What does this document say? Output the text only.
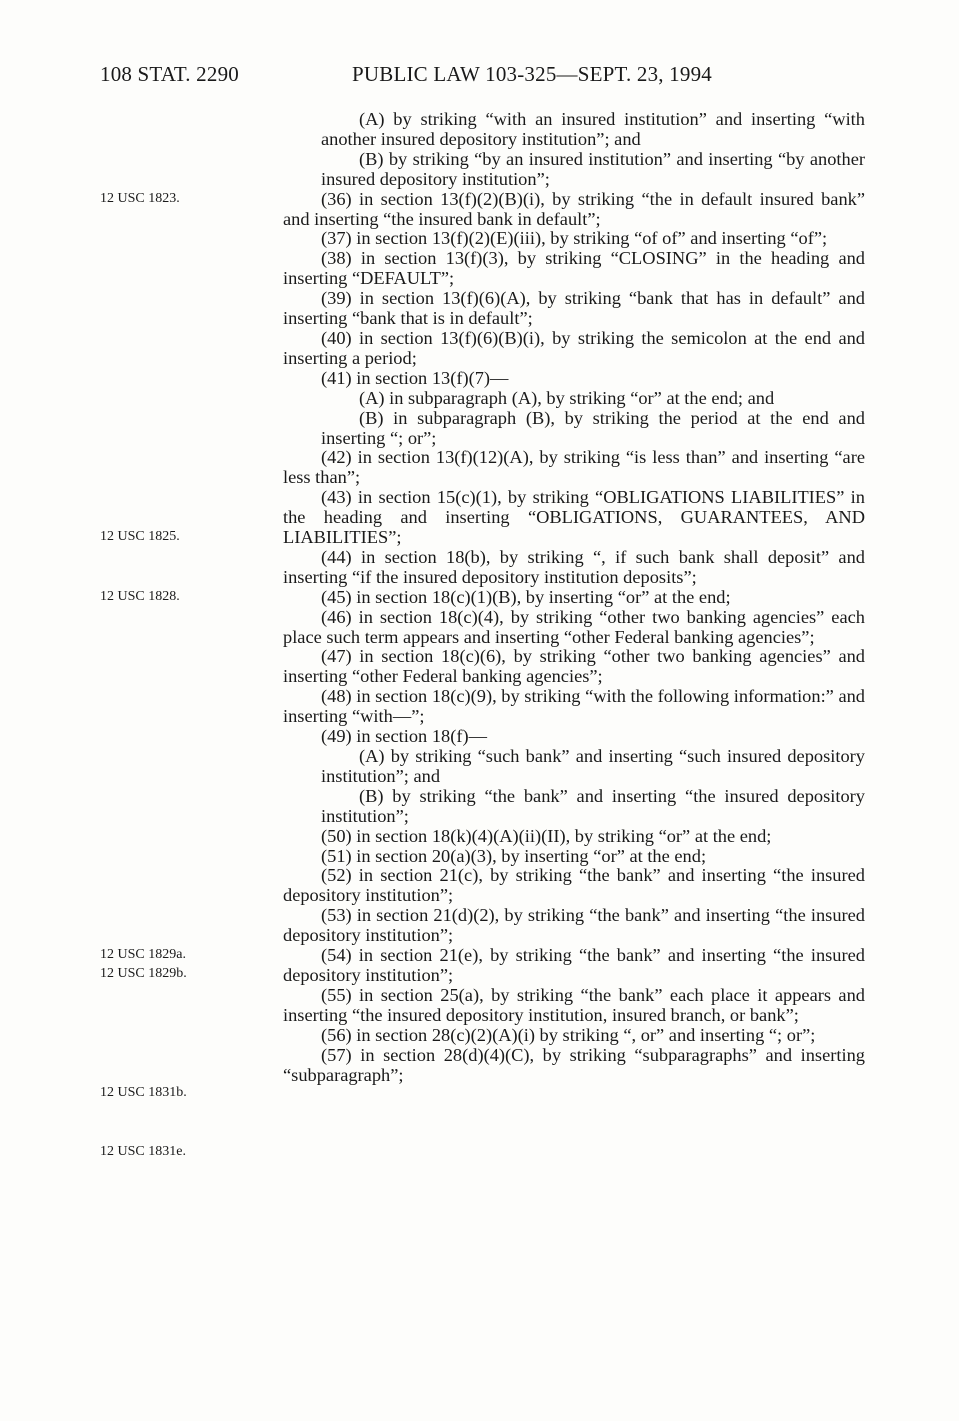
108 STAT. 2290	PUBLIC LAW 103-325—SEPT. 23, 1994
12 USC 1823.
12 USC 1825.
12 USC 1828.
12 USC 1829a.
12 USC 1829b.
12 USC 1831b.
12 USC 1831e.

(A) by striking “with an insured institution” and inserting “with another insured depository institution”; and

(B) by striking “by an insured institution” and inserting “by another insured depository institution”;

(36) in section 13(f)(2)(B)(i), by striking “the in default insured bank” and inserting “the insured bank in default”;

(37) in section 13(f)(2)(E)(iii), by striking “of of” and inserting “of”;

(38) in section 13(f)(3), by striking “CLOSING” in the heading and inserting “DEFAULT”;

(39) in section 13(f)(6)(A), by striking “bank that has in default” and inserting “bank that is in default”;

(40) in section 13(f)(6)(B)(i), by striking the semicolon at the end and inserting a period;

(41) in section 13(f)(7)—

(A) in subparagraph (A), by striking “or” at the end; and

(B) in subparagraph (B), by striking the period at the end and inserting “; or”;

(42) in section 13(f)(12)(A), by striking “is less than” and inserting “are less than”;

(43) in section 15(c)(1), by striking “OBLIGATIONS LIABILITIES” in the heading and inserting “OBLIGATIONS, GUARANTEES, AND LIABILITIES”;

(44) in section 18(b), by striking “, if such bank shall deposit” and inserting “if the insured depository institution deposits”;

(45) in section 18(c)(1)(B), by inserting “or” at the end;

(46) in section 18(c)(4), by striking “other two banking agencies” each place such term appears and inserting “other Federal banking agencies”;

(47) in section 18(c)(6), by striking “other two banking agencies” and inserting “other Federal banking agencies”;

(48) in section 18(c)(9), by striking “with the following information:” and inserting “with—”;

(49) in section 18(f)—

(A) by striking “such bank” and inserting “such insured depository institution”; and

(B) by striking “the bank” and inserting “the insured depository institution”;

(50) in section 18(k)(4)(A)(ii)(II), by striking “or” at the end;

(51) in section 20(a)(3), by inserting “or” at the end;

(52) in section 21(c), by striking “the bank” and inserting “the insured depository institution”;

(53) in section 21(d)(2), by striking “the bank” and inserting “the insured depository institution”;

(54) in section 21(e), by striking “the bank” and inserting “the insured depository institution”;

(55) in section 25(a), by striking “the bank” each place it appears and inserting “the insured depository institution, insured branch, or bank”;

(56) in section 28(c)(2)(A)(i) by striking “, or” and inserting “; or”;

(57) in section 28(d)(4)(C), by striking “subparagraphs” and inserting “subparagraph”;
